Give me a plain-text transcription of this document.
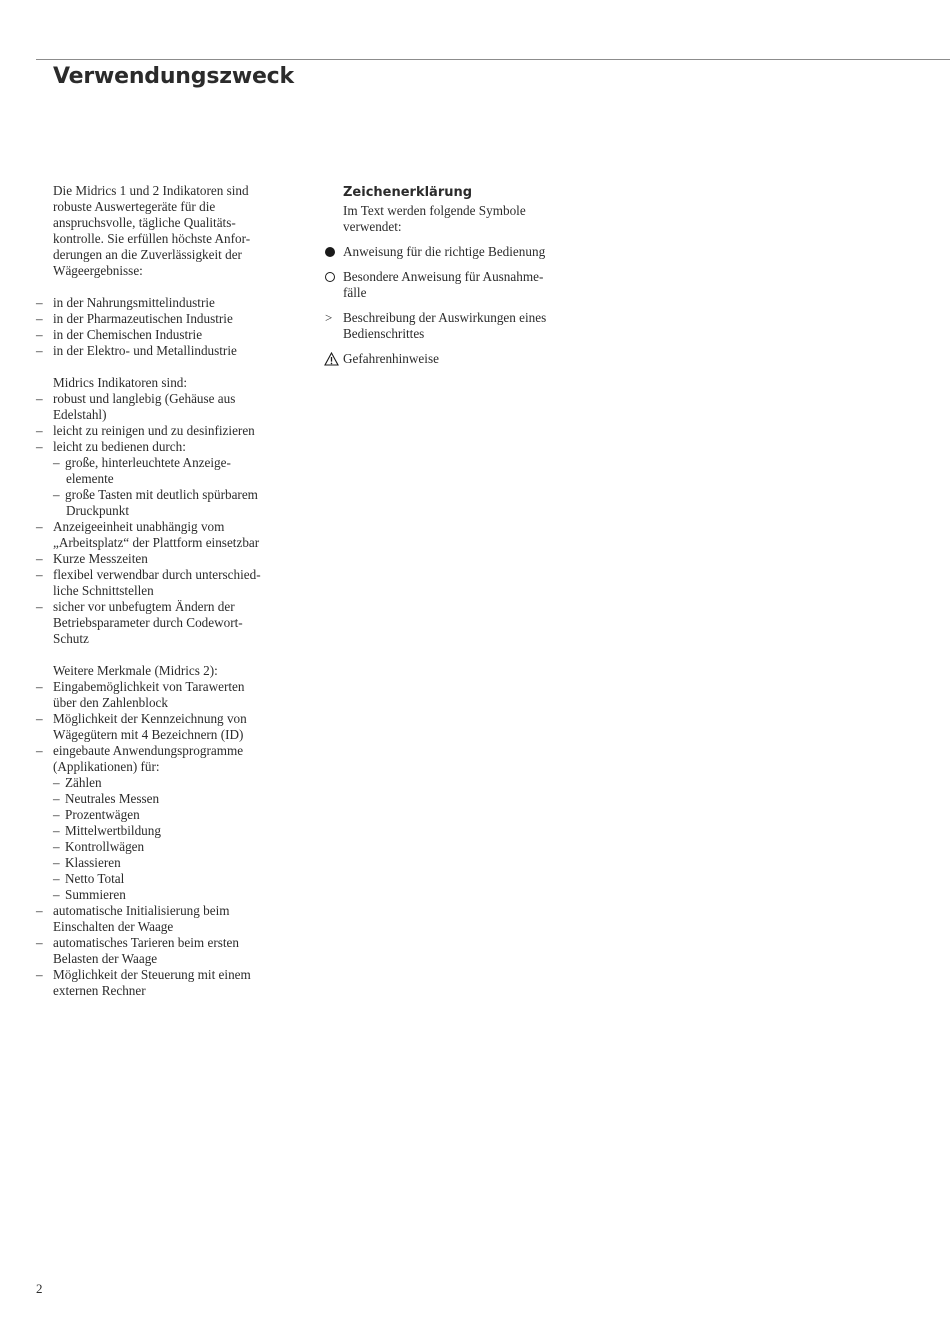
Verwendungszweck

Die Midrics 1 und 2 Indikatoren sind
robuste Auswertegeräte für die
anspruchsvolle, tägliche Qualitäts-
kontrolle. Sie erfüllen höchste Anfor-
derungen an die Zuverlässigkeit der
Wägeergebnisse:

– in der Nahrungsmittelindustrie
– in der Pharmazeutischen Industrie
– in der Chemischen Industrie
– in der Elektro- und Metallindustrie

Midrics Indikatoren sind:

– robust und langlebig (Gehäuse aus
Edelstahl)
– leicht zu reinigen und zu desinfizieren
– leicht zu bedienen durch:
– große, hinterleuchtete Anzeige-
elemente
– große Tasten mit deutlich spürbarem
Druckpunkt
– Anzeigeeinheit unabhängig vom
„Arbeitsplatz“ der Plattform einsetzbar
– Kurze Messzeiten
– flexibel verwendbar durch unterschied-
liche Schnittstellen
– sicher vor unbefugtem Ändern der
Betriebsparameter durch Codewort-
Schutz

Weitere Merkmale (Midrics 2):

– Eingabemöglichkeit von Tarawerten
über den Zahlenblock
– Möglichkeit der Kennzeichnung von
Wägegütern mit 4 Bezeichnern (ID)
– eingebaute Anwendungsprogramme
(Applikationen) für:
– Zählen
– Neutrales Messen
– Prozentwägen
– Mittelwertbildung
– Kontrollwägen
– Klassieren
– Netto Total
– Summieren
– automatische Initialisierung beim
Einschalten der Waage
– automatisches Tarieren beim ersten
Belasten der Waage
– Möglichkeit der Steuerung mit einem
externen Rechner
Zeichenerklärung

Im Text werden folgende Symbole
verwendet:

Anweisung für die richtige Bedienung
Besondere Anweisung für Ausnahme-
fälle
> Beschreibung der Auswirkungen eines
Bedienschrittes
Gefahrenhinweise
2
